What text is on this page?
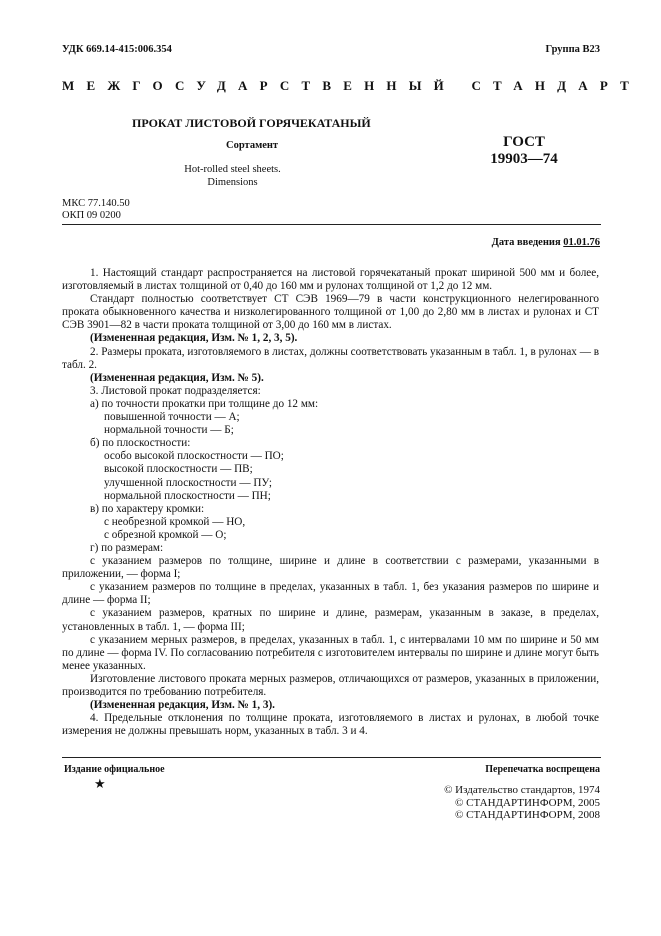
УДК 669.14-415:006.354	Группа В23
МЕЖГОСУДАРСТВЕННЫЙ СТАНДАРТ
ПРОКАТ ЛИСТОВОЙ ГОРЯЧЕКАТАНЫЙ
Сортамент
Hot-rolled steel sheets.
Dimensions
ГОСТ
19903—74
МКС 77.140.50
ОКП 09 0200
Дата введения 01.01.76

1. Настоящий стандарт распространяется на листовой горячекатаный прокат шириной 500 мм и более, изготовляемый в листах толщиной от 0,40 до 160 мм и рулонах толщиной от 1,2 до 12 мм.

Стандарт полностью соответствует СТ СЭВ 1969—79 в части конструкционного нелегированного проката обыкновенного качества и низколегированного толщиной от 1,00 до 2,80 мм в листах и рулонах и СТ СЭВ 3901—82 в части проката толщиной от 3,00 до 160 мм в листах.

(Измененная редакция, Изм. № 1, 2, 3, 5).

2. Размеры проката, изготовляемого в листах, должны соответствовать указанным в табл. 1, в рулонах — в табл. 2.

(Измененная редакция, Изм. № 5).

3. Листовой прокат подразделяется:

а) по точности прокатки при толщине до 12 мм:

повышенной точности — А;

нормальной точности — Б;

б) по плоскостности:

особо высокой плоскостности — ПО;

высокой плоскостности — ПВ;

улучшенной плоскостности — ПУ;

нормальной плоскостности — ПН;

в) по характеру кромки:

с необрезной кромкой — НО,

с обрезной кромкой — О;

г) по размерам:

с указанием размеров по толщине, ширине и длине в соответствии с размерами, указанными в приложении, — форма I;

с указанием размеров по толщине в пределах, указанных в табл. 1, без указания размеров по ширине и длине — форма II;

с указанием размеров, кратных по ширине и длине, размерам, указанным в заказе, в пределах, установленных в табл. 1, — форма III;

с указанием мерных размеров, в пределах, указанных в табл. 1, с интервалами 10 мм по ширине и 50 мм по длине — форма IV. По согласованию потребителя с изготовителем интервалы по ширине и длине могут быть менее указанных.

Изготовление листового проката мерных размеров, отличающихся от размеров, указанных в приложении, производится по требованию потребителя.

(Измененная редакция, Изм. № 1, 3).

4. Предельные отклонения по толщине проката, изготовляемого в листах и рулонах, в любой точке измерения не должны превышать норм, указанных в табл. 3 и 4.

Издание официальное	Перепечатка воспрещена
★	© Издательство стандартов, 1974
© СТАНДАРТИНФОРМ, 2005
© СТАНДАРТИНФОРМ, 2008
